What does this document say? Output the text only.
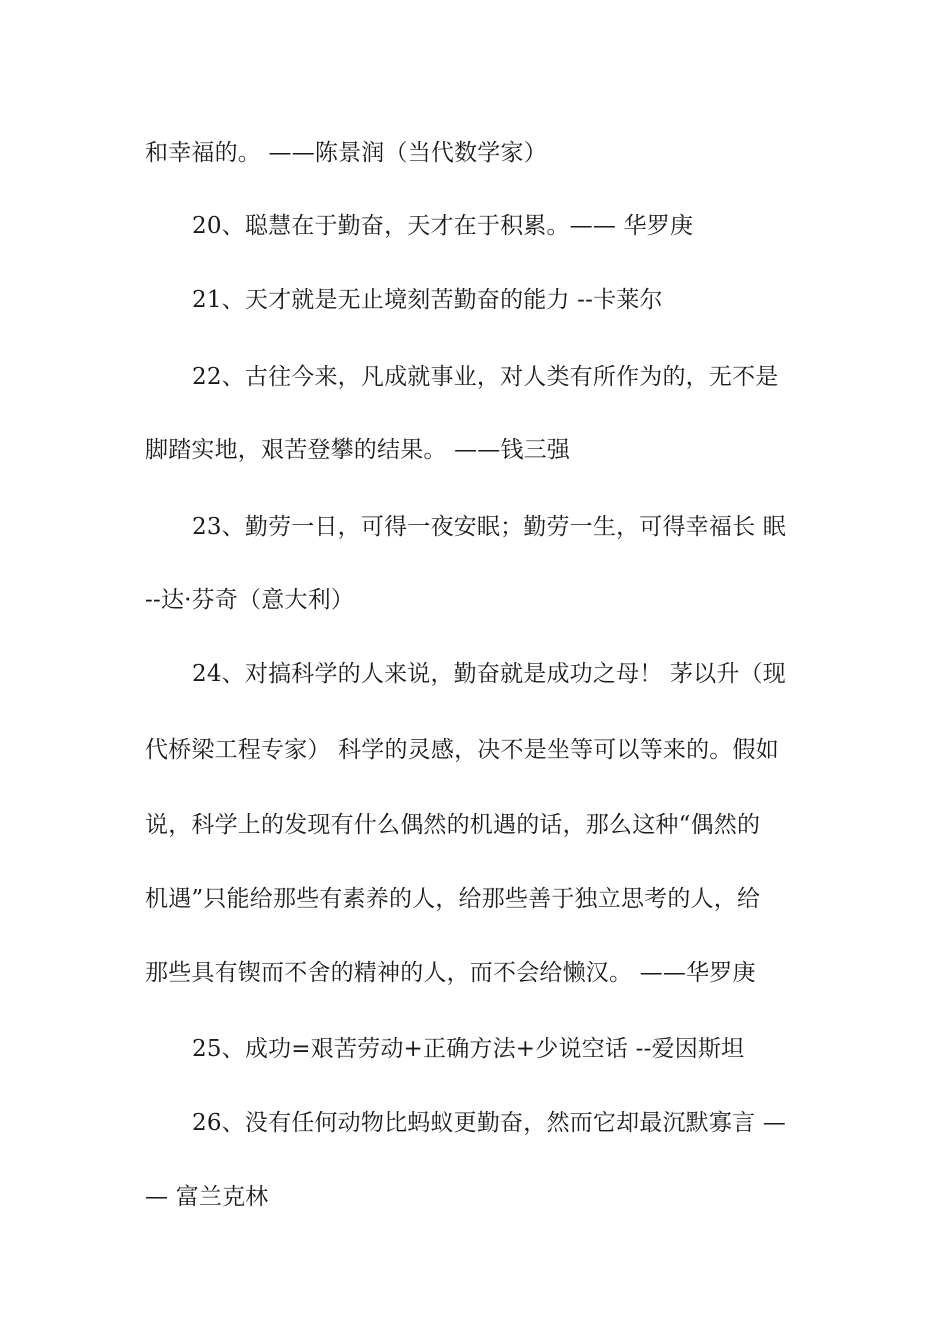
和幸福的。 ——陈景润（当代数学家）
20、聪慧在于勤奋，天才在于积累。—— 华罗庚
21、天才就是无止境刻苦勤奋的能力 --卡莱尔
22、古往今来，凡成就事业，对人类有所作为的，无不是
脚踏实地，艰苦登攀的结果。 ——钱三强
23、勤劳一日，可得一夜安眠；勤劳一生，可得幸福长 眠
--达·芬奇（意大利）
24、对搞科学的人来说，勤奋就是成功之母！ 茅以升（现
代桥梁工程专家） 科学的灵感，决不是坐等可以等来的。假如
说，科学上的发现有什么偶然的机遇的话，那么这种“偶然的
机遇”只能给那些有素养的人，给那些善于独立思考的人，给
那些具有锲而不舍的精神的人，而不会给懒汉。 ——华罗庚
25、成功=艰苦劳动+正确方法+少说空话 --爱因斯坦
26、没有任何动物比蚂蚁更勤奋，然而它却最沉默寡言 —
— 富兰克林
